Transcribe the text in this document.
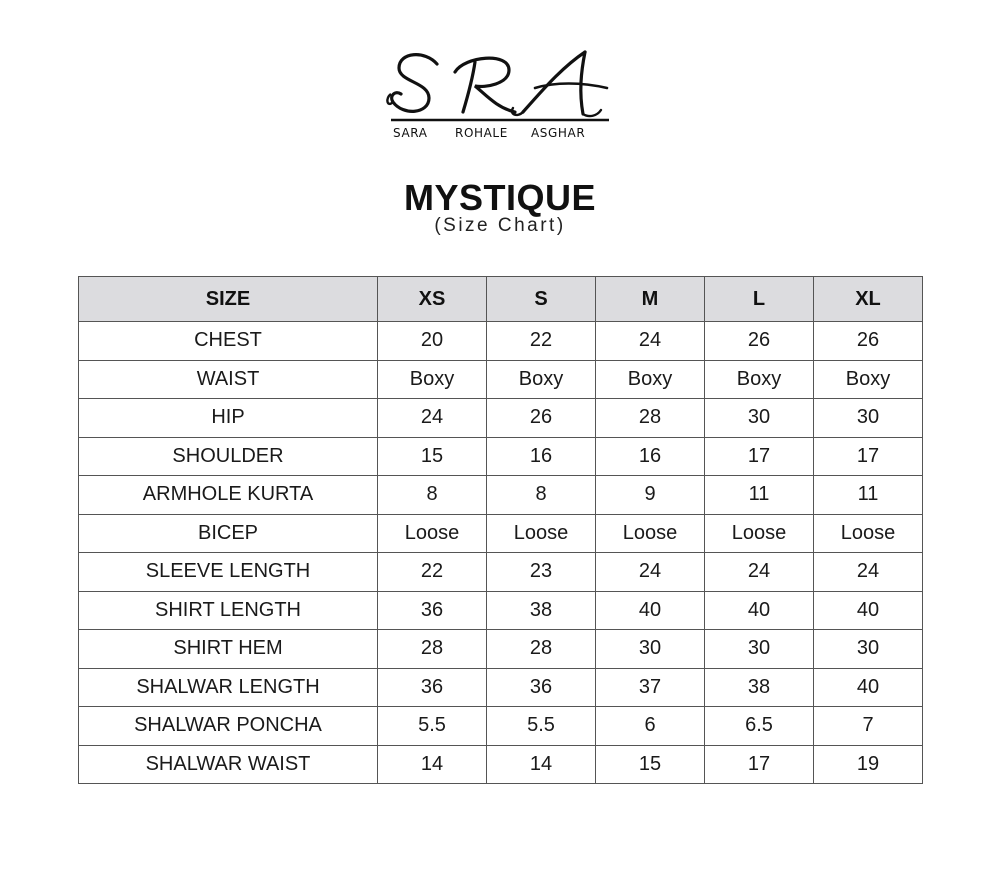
SARA ROHALE ASGHAR
MYSTIQUE
(Size Chart)
SIZE	XS	S	M	L	XL
CHEST	20	22	24	26	26
WAIST	Boxy	Boxy	Boxy	Boxy	Boxy
HIP	24	26	28	30	30
SHOULDER	15	16	16	17	17
ARMHOLE KURTA	8	8	9	11	11
BICEP	Loose	Loose	Loose	Loose	Loose
SLEEVE LENGTH	22	23	24	24	24
SHIRT LENGTH	36	38	40	40	40
SHIRT HEM	28	28	30	30	30
SHALWAR LENGTH	36	36	37	38	40
SHALWAR PONCHA	5.5	5.5	6	6.5	7
SHALWAR WAIST	14	14	15	17	19
